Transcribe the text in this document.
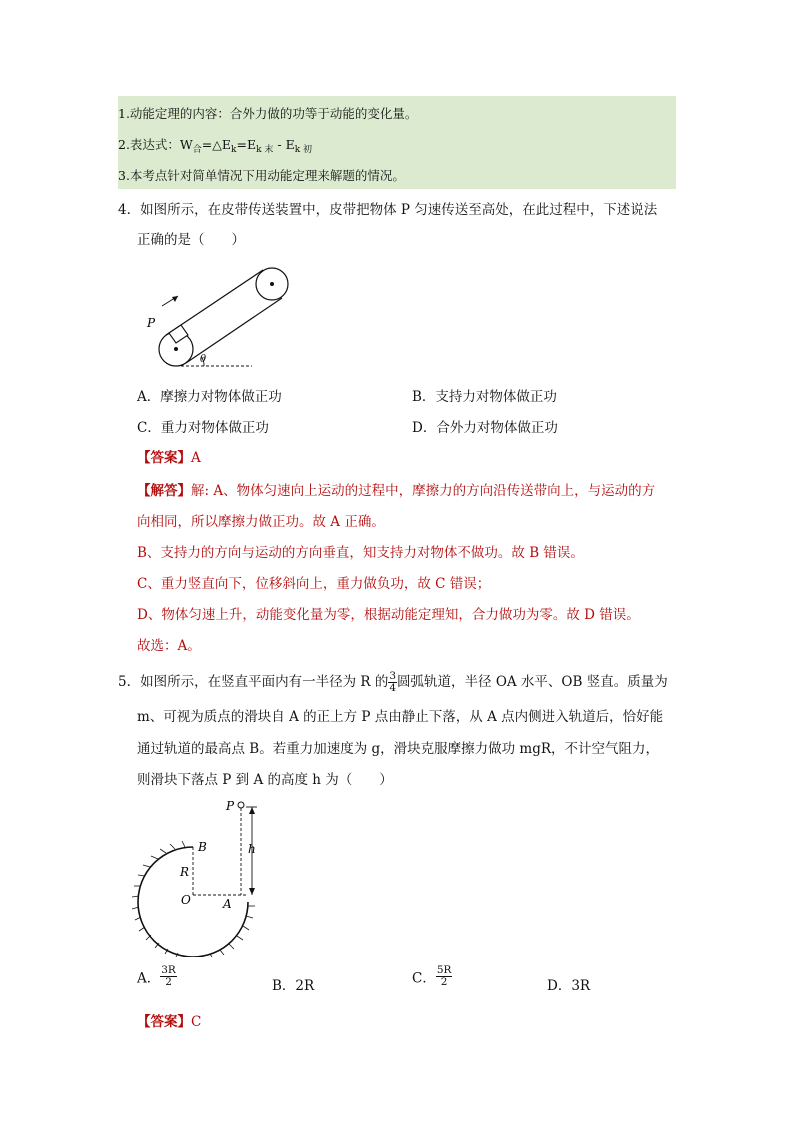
1.动能定理的内容：合外力做的功等于动能的变化量。
2.表达式：$W_合=\triangle E_k=E_{k 末} - E_{k 初}$
3.本考点针对简单情况下用动能定理来解题的情况。
4．如图所示，在皮带传送装置中，皮带把物体 P 匀速传送至高处，在此过程中，下述说法
正确的是（　　）
P
θ
A．摩擦力对物体做正功	B．支持力对物体做正功
C．重力对物体做正功	D．合外力对物体做正功
【答案】A
【解答】解: A、物体匀速向上运动的过程中，摩擦力的方向沿传送带向上，与运动的方
向相同，所以摩擦力做正功。故 A 正确。
B、支持力的方向与运动的方向垂直，知支持力对物体不做功。故 B 错误。
C、重力竖直向下，位移斜向上，重力做负功，故 C 错误；
D、物体匀速上升，动能变化量为零，根据动能定理知，合力做功为零。故 D 错误。
故选：A。
5．如图所示，在竖直平面内有一半径为 R 的 $\frac{3}{4}$ 圆弧轨道，半径 OA 水平、OB 竖直。质量为
m、可视为质点的滑块自 A 的正上方 P 点由静止下落，从 A 点内侧进入轨道后，恰好能
通过轨道的最高点 B。若重力加速度为 g，滑块克服摩擦力做功 mgR，不计空气阻力，
则滑块下落点 P 到 A 的高度 h 为（　　）
P
B
R
O	A
h
A． $\frac{3R}{2}$	B．2R	C． $\frac{5R}{2}$	D．3R
【答案】C
